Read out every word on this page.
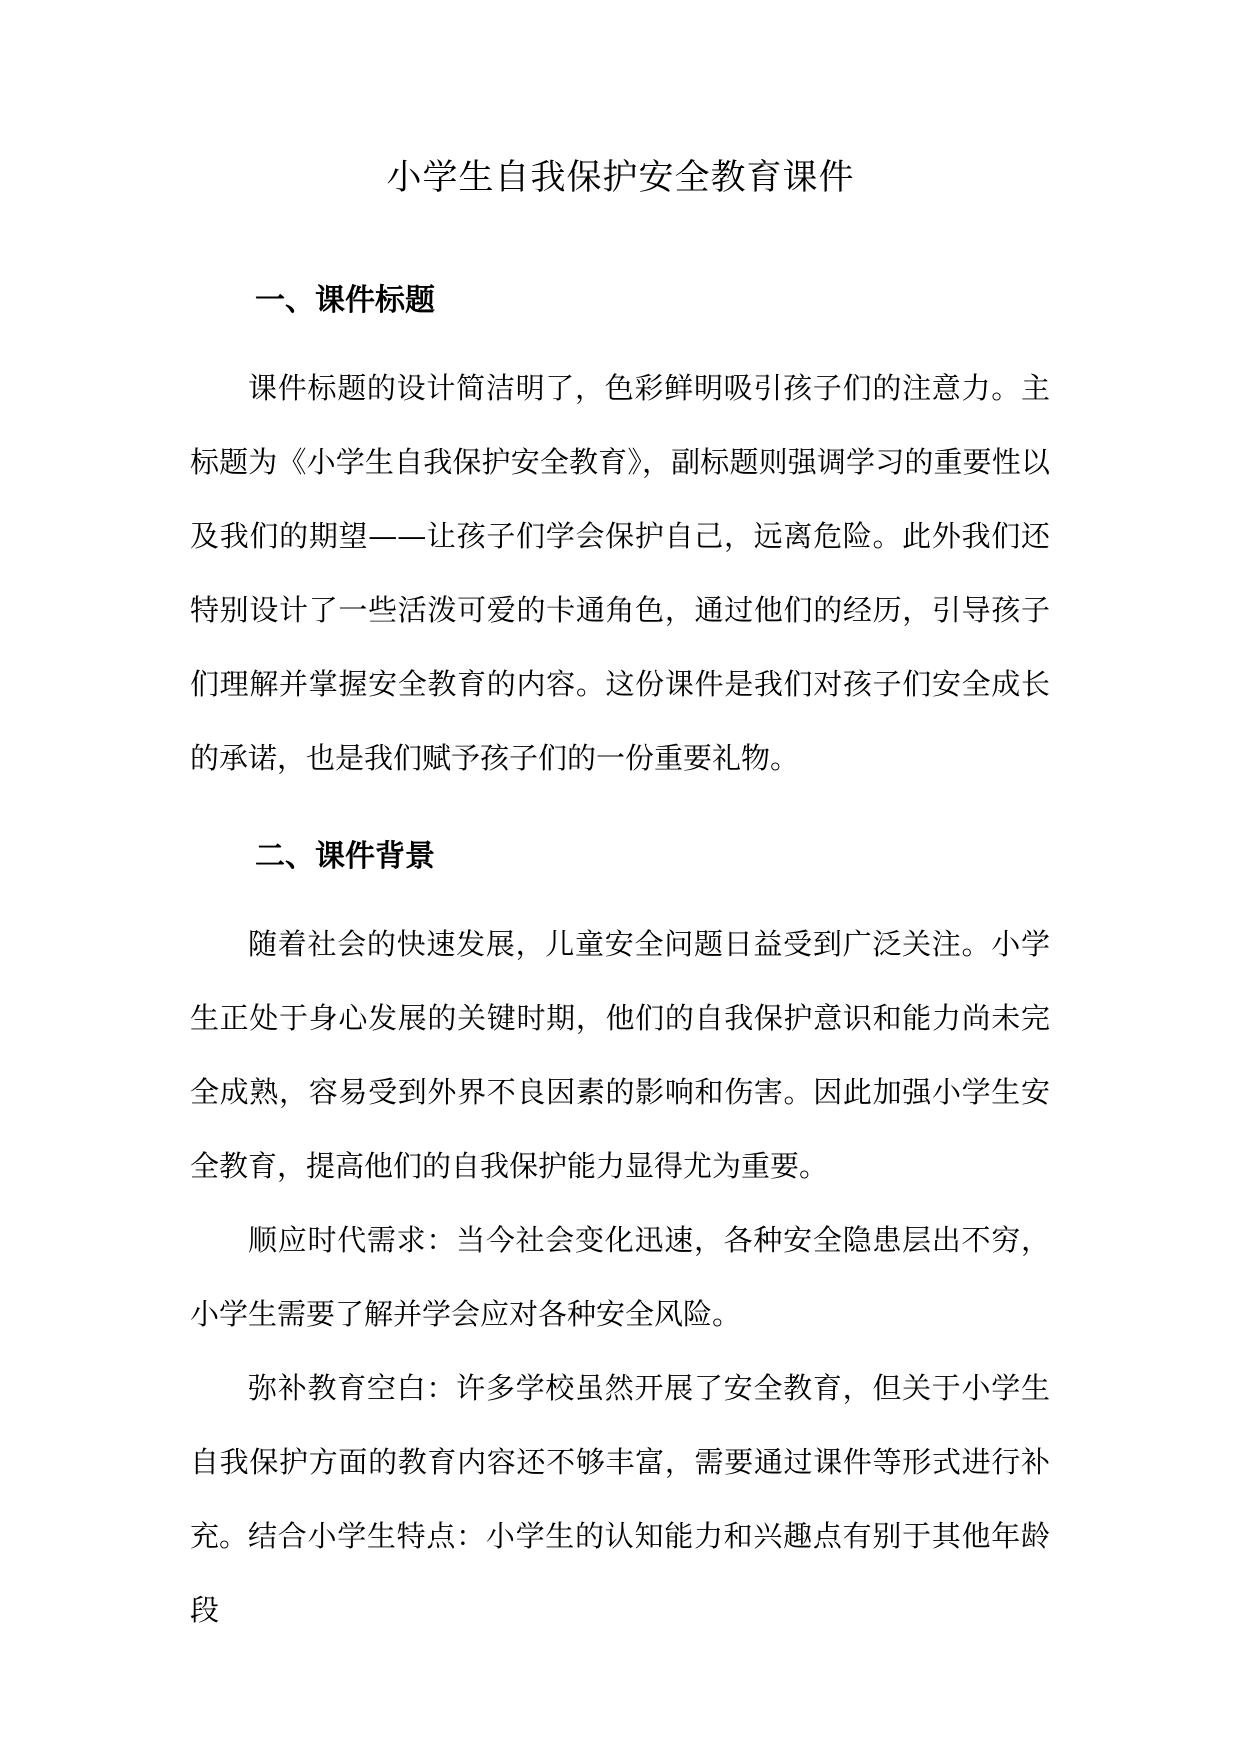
小学生自我保护安全教育课件
一、课件标题

课件标题的设计简洁明了，色彩鲜明吸引孩子们的注意力。主标题为《小学生自我保护安全教育》，副标题则强调学习的重要性以及我们的期望——让孩子们学会保护自己，远离危险。此外我们还特别设计了一些活泼可爱的卡通角色，通过他们的经历，引导孩子们理解并掌握安全教育的内容。这份课件是我们对孩子们安全成长的承诺，也是我们赋予孩子们的一份重要礼物。

二、课件背景

随着社会的快速发展，儿童安全问题日益受到广泛关注。小学生正处于身心发展的关键时期，他们的自我保护意识和能力尚未完全成熟，容易受到外界不良因素的影响和伤害。因此加强小学生安全教育，提高他们的自我保护能力显得尤为重要。

顺应时代需求：当今社会变化迅速，各种安全隐患层出不穷，小学生需要了解并学会应对各种安全风险。

弥补教育空白：许多学校虽然开展了安全教育，但关于小学生自我保护方面的教育内容还不够丰富，需要通过课件等形式进行补充。 结合小学生特点：小学生的认知能力和兴趣点有别于其他年龄段
